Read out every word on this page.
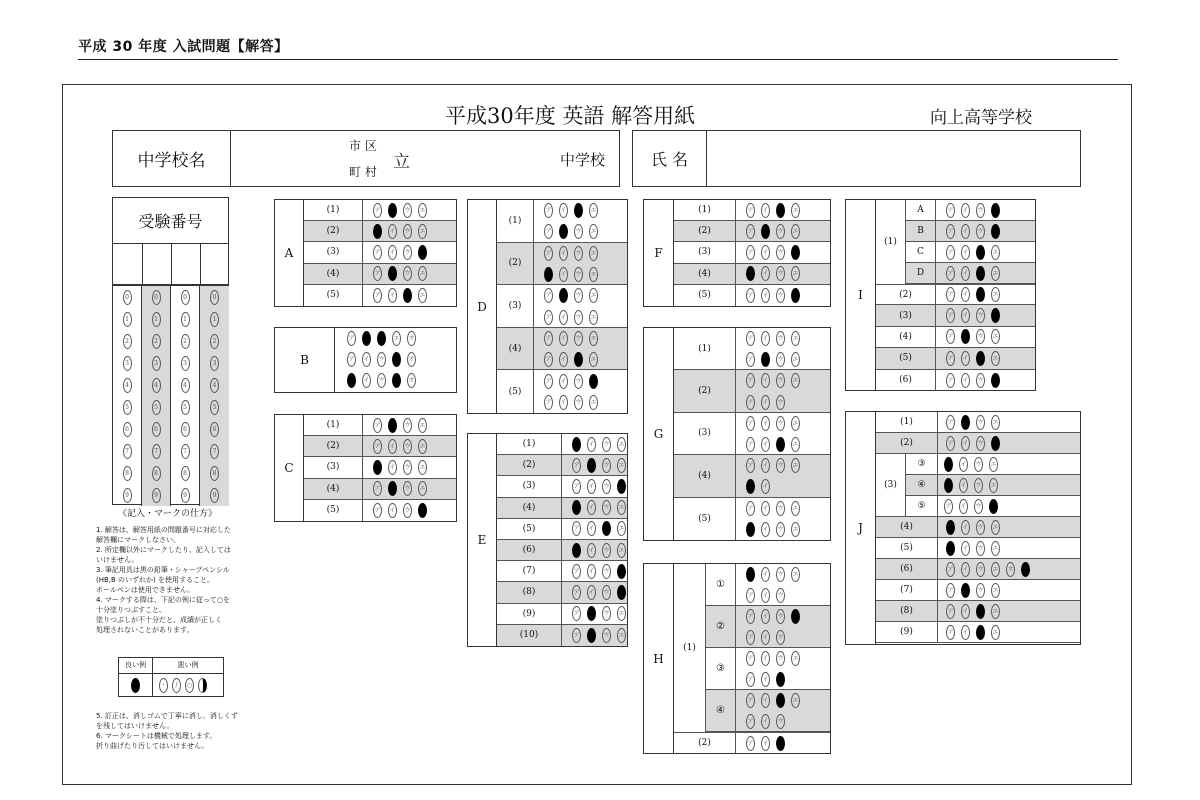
平成 30 年度 入試問題【解答】
平成30年度 英語 解答用紙	向上高等学校
中学校名
市 区
町 村 立	中学校	氏 名
受験番号
0	0	0	0
1	1	1	1
2	2	2	2
3	3	3	3
4	4	4	4
5	5	5	5
6	6	6	6
7	7	7	7
8	8	8	8
9	9	9	9
《記入・マークの仕方》
1. 解答は、解答用紙の問題番号に対応した
解答欄にマークしなさい。
2. 所定欄以外にマークしたり、記入しては
いけません。
3. 筆記用具は黒の鉛筆・シャープペンシル
(HB,B のいずれか) を使用すること。
ボールペンは使用できません。
4. マークする際は、下記の例に従って○を
十分塗りつぶすこと。
塗りつぶしが不十分だと、成績が正しく
処理されないことがあります。
良い例	悪い例
・	/	○
5. 訂正は、消しゴムで丁寧に消し、消しくず
を残してはいけません。
6. マークシートは機械で処理します。
折り曲げたり汚してはいけません。
A
(1)	ア	ウ エ
(2)	イ ウ エ
(3)	ア イ ウ
(4)	ア	ウ エ
(5)	ア イ	エ
C
(1)	ア	ウ エ
(2)	ア イ ウ エ
(3)	イ ウ エ
(4)	ア	ウ エ
(5)	ア イ ウ
E
(1)	イ ウ エ
(2)	ア	ウ エ
(3)	ア イ ウ
(4)	イ ウ エ
(5)	ア イ	エ
(6)	イ ウ エ
(7)	ア イ ウ
(8)	ア イ ウ
(9)	ア	ウ エ
(10)	ア	ウ エ
F
(1)	ア イ	エ
(2)	ア	ウ エ
(3)	ア イ ウ
(4)	イ ウ エ
(5)	ア イ ウ
B
ア	エ オ
ア イ ウ	オ
イ ウ	オ
D
(1)
ア イ	エ
ア	ウ エ
(2)
ア イ ウ エ
イ ウ エ
(3)
ア	ウ エ
ア イ ウ エ
(4)
ア イ ウ エ
ア イ	エ
(5)
ア イ ウ
ア イ ウ エ
G
(1)
ア イ ウ エ
ア	ウ エ
(2)
ア イ ウ エ
ア イ ウ
(3)
ア イ ウ エ
ア イ	エ
(4)
ア イ ウ エ
イ
(5)
ア イ ウ エ
イ ウ エ
H
(1)
①
イ ウ エ
ア イ ウ
②
ア イ ウ
ア イ ウ
③
ア イ ウ エ
ア イ
④
ア イ	エ
ア イ ウ
(2)	ア イ
I
(1)
A	ア イ ウ
B	ア イ ウ
C	ア イ	エ
D	ア イ	エ
(2)	ア イ	エ
(3)	ア イ ウ
(4)	ア	ウ エ
(5)	ア イ	エ
(6)	ア イ ウ
J
(1)	ア	ウ エ
(2)	ア イ ウ
(3)
③	イ ウ エ
④	イ ウ エ
⑤	ア イ ウ
(4)	イ ウ エ
(5)	イ ウ エ
(6)	ア イ ウ エ オ
(7)	ア	ウ エ
(8)	ア イ	エ
(9)	ア イ	エ
